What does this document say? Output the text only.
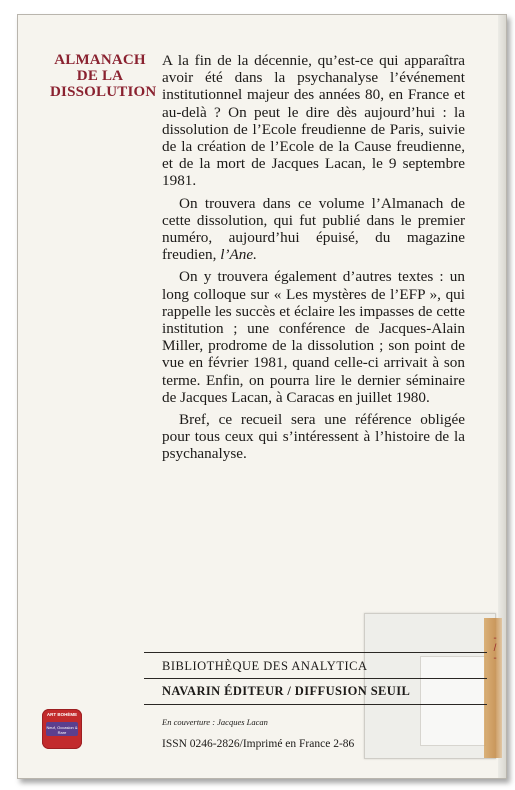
ALMANACH
DE LA
DISSOLUTION

A la fin de la décennie, qu’est-ce qui apparaîtra avoir été dans la psychanalyse l’événement institutionnel majeur des années 80, en France et au-delà ? On peut le dire dès aujourd’hui : la dissolution de l’Ecole freudienne de Paris, suivie de la création de l’Ecole de la Cause freudienne, et de la mort de Jacques Lacan, le 9 septembre 1981.

On trouvera dans ce volume l’Almanach de cette dissolution, qui fut publié dans le premier numéro, aujourd’hui épuisé, du magazine freudien, l’Ane.

On y trouvera également d’autres textes : un long colloque sur « Les mystères de l’EFP », qui rappelle les succès et éclaire les impasses de cette institution ; une conférence de Jacques-Alain Miller, prodrome de la dissolution ; son point de vue en février 1981, quand celle-ci arrivait à son terme. Enfin, on pourra lire le dernier séminaire de Jacques Lacan, à Caracas en juillet 1980.

Bref, ce recueil sera une référence obligée pour tous ceux qui s’intéressent à l’histoire de la psychanalyse.

-
/
-
BIBLIOTHÈQUE DES ANALYTICA
NAVARIN ÉDITEUR / DIFFUSION SEUIL
En couverture : Jacques Lacan
ISSN 0246-2826/Imprimé en France 2-86
ART BOHÈME
Neuf, Occasion & Rare
